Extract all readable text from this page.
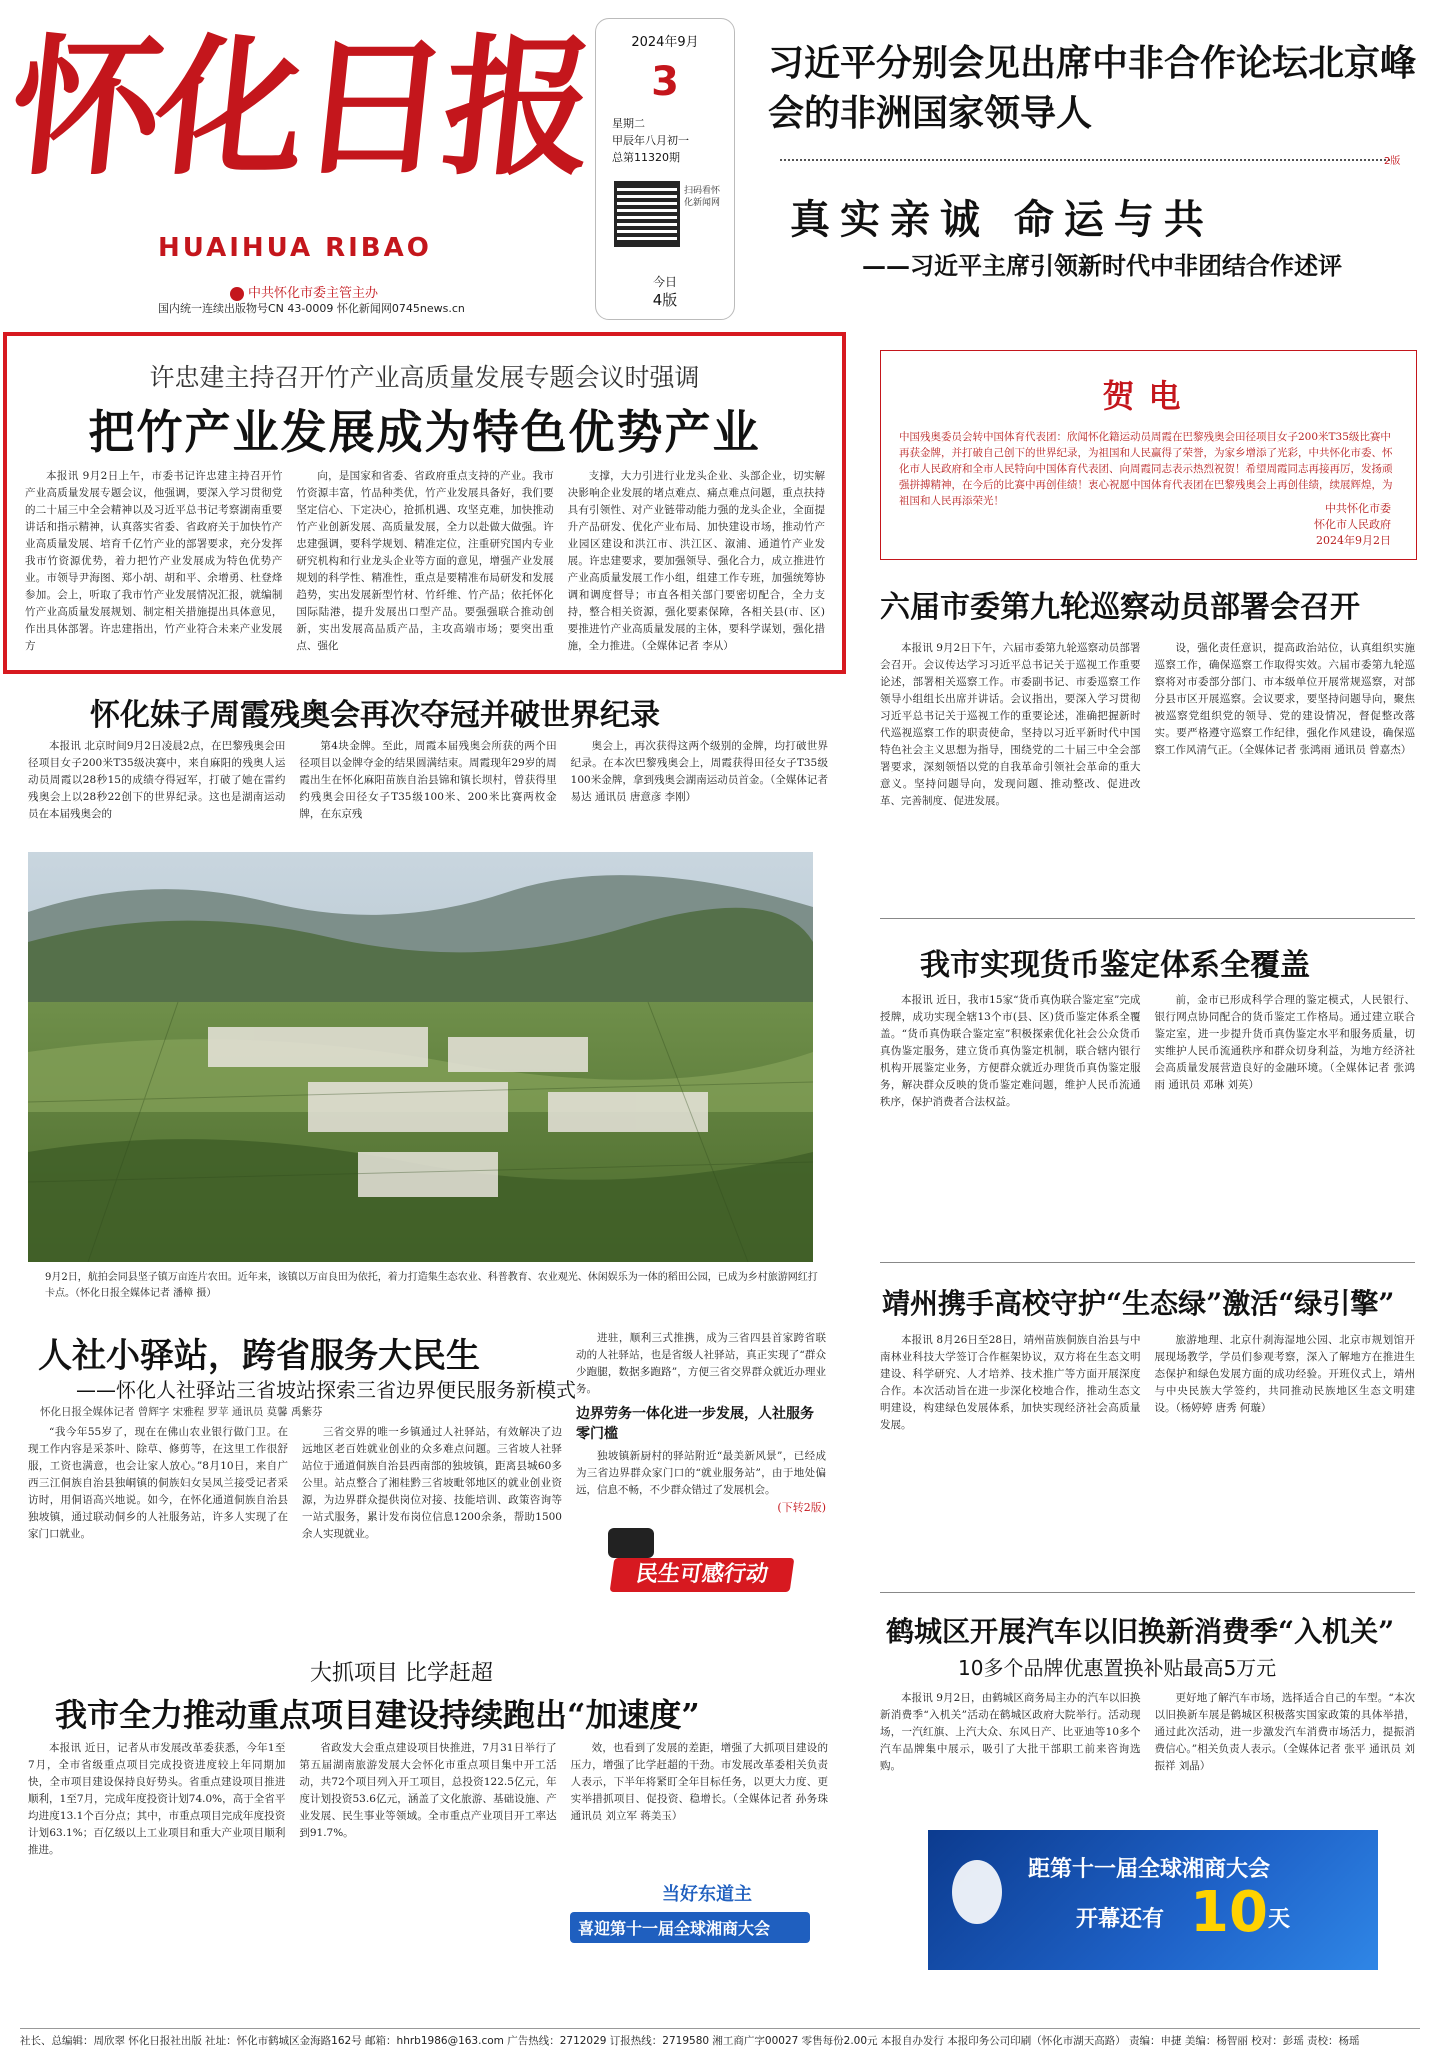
怀化日报
HUAIHUA RIBAO
中共怀化市委主管主办
国内统一连续出版物号CN 43-0009 怀化新闻网0745news.cn
2024年9月
3
星期二
甲辰年八月初一
总第11320期
扫码看怀化新闻网
今日
4版
习近平分别会见出席中非合作论坛北京峰会的非洲国家领导人
2版
真实亲诚 命运与共
——习近平主席引领新时代中非团结合作述评
许忠建主持召开竹产业高质量发展专题会议时强调
把竹产业发展成为特色优势产业

本报讯 9月2日上午，市委书记许忠建主持召开竹产业高质量发展专题会议，他强调，要深入学习贯彻党的二十届三中全会精神以及习近平总书记考察湖南重要讲话和指示精神，认真落实省委、省政府关于加快竹产业高质量发展、培育千亿竹产业的部署要求，充分发挥我市竹资源优势，着力把竹产业发展成为特色优势产业。市领导尹海图、郑小胡、胡和平、余增勇、杜登烽参加。会上，听取了我市竹产业发展情况汇报，就编制竹产业高质量发展规划、制定相关措施提出具体意见，作出具体部署。许忠建指出，竹产业符合未来产业发展方

向，是国家和省委、省政府重点支持的产业。我市竹资源丰富，竹品种类优，竹产业发展具备好，我们要坚定信心、下定决心，抢抓机遇、攻坚克难，加快推动竹产业创新发展、高质量发展，全力以赴做大做强。许忠建强调，要科学规划、精准定位，注重研究国内专业研究机构和行业龙头企业等方面的意见，增强产业发展规划的科学性、精准性，重点是要精准布局研发和发展趋势，实出发展新型竹材、竹纤维、竹产品；依托怀化国际陆港，提升发展出口型产品。要强强联合推动创新，实出发展高品质产品，主攻高端市场；要突出重点、强化

支撑，大力引进行业龙头企业、头部企业，切实解决影响企业发展的堵点难点、痛点难点问题，重点扶持具有引领性、对产业链带动能力强的龙头企业，全面提升产品研发、优化产业布局、加快建设市场，推动竹产业园区建设和洪江市、洪江区、溆浦、通道竹产业发展。许忠建要求，要加强领导、强化合力，成立推进竹产业高质量发展工作小组，组建工作专班，加强统筹协调和调度督导；市直各相关部门要密切配合，全力支持，整合相关资源，强化要素保障，各相关县(市、区)要推进竹产业高质量发展的主体，要科学谋划，强化措施，全力推进。（全媒体记者 李从）

贺电
中国残奥委员会转中国体育代表团：欣闻怀化籍运动员周霞在巴黎残奥会田径项目女子200米T35级比赛中再获金牌，并打破自己创下的世界纪录，为祖国和人民赢得了荣誉，为家乡增添了光彩，中共怀化市委、怀化市人民政府和全市人民特向中国体育代表团、向周霞同志表示热烈祝贺！希望周霞同志再接再厉，发扬顽强拼搏精神，在今后的比赛中再创佳绩！衷心祝愿中国体育代表团在巴黎残奥会上再创佳绩，续展辉煌，为祖国和人民再添荣光！
中共怀化市委
怀化市人民政府
2024年9月2日
六届市委第九轮巡察动员部署会召开

本报讯 9月2日下午，六届市委第九轮巡察动员部署会召开。会议传达学习习近平总书记关于巡视工作重要论述，部署相关巡察工作。市委副书记、市委巡察工作领导小组组长出席并讲话。会议指出，要深入学习贯彻习近平总书记关于巡视工作的重要论述，准确把握新时代巡视巡察工作的职责使命，坚持以习近平新时代中国特色社会主义思想为指导，围绕党的二十届三中全会部署要求，深刻领悟以党的自我革命引领社会革命的重大意义。坚持问题导向，发现问题、推动整改、促进改革、完善制度、促进发展。

设，强化责任意识，提高政治站位，认真组织实施巡察工作，确保巡察工作取得实效。六届市委第九轮巡察将对市委部分部门、市本级单位开展常规巡察，对部分县市区开展巡察。会议要求，要坚持问题导向，聚焦被巡察党组织党的领导、党的建设情况，督促整改落实。要严格遵守巡察工作纪律，强化作风建设，确保巡察工作风清气正。（全媒体记者 张鸿雨 通讯员 曾嘉杰）

我市实现货币鉴定体系全覆盖

本报讯 近日，我市15家“货币真伪联合鉴定室”完成授牌，成功实现全辖13个市(县、区)货币鉴定体系全覆盖。“货币真伪联合鉴定室”积极探索优化社会公众货币真伪鉴定服务，建立货币真伪鉴定机制，联合辖内银行机构开展鉴定业务，方便群众就近办理货币真伪鉴定服务，解决群众反映的货币鉴定难问题，维护人民币流通秩序，保护消费者合法权益。

前，金市已形成科学合理的鉴定模式，人民银行、银行网点协同配合的货币鉴定工作格局。通过建立联合鉴定室，进一步提升货币真伪鉴定水平和服务质量，切实维护人民币流通秩序和群众切身利益，为地方经济社会高质量发展营造良好的金融环境。（全媒体记者 张鸿雨 通讯员 邓琳 刘英）

靖州携手高校守护“生态绿”激活“绿引擎”

本报讯 8月26日至28日，靖州苗族侗族自治县与中南林业科技大学签订合作框架协议，双方将在生态文明建设、科学研究、人才培养、技术推广等方面开展深度合作。本次活动旨在进一步深化校地合作，推动生态文明建设，构建绿色发展体系，加快实现经济社会高质量发展。

旅游地理、北京什刹海湿地公园、北京市规划馆开展现场教学，学员们参观考察，深入了解地方在推进生态保护和绿色发展方面的成功经验。开班仪式上，靖州与中央民族大学签约，共同推动民族地区生态文明建设。（杨婷婷 唐秀 何璇）

鹤城区开展汽车以旧换新消费季“入机关”
10多个品牌优惠置换补贴最高5万元

本报讯 9月2日，由鹤城区商务局主办的汽车以旧换新消费季“入机关”活动在鹤城区政府大院举行。活动现场，一汽红旗、上汽大众、东风日产、比亚迪等10多个汽车品牌集中展示，吸引了大批干部职工前来咨询选购。

更好地了解汽车市场，选择适合自己的车型。“本次以旧换新车展是鹤城区积极落实国家政策的具体举措，通过此次活动，进一步激发汽车消费市场活力，提振消费信心。”相关负责人表示。（全媒体记者 张平 通讯员 刘振祥 刘晶）

距第十一届全球湘商大会
开幕还有 10 天
怀化妹子周霞残奥会再次夺冠并破世界纪录

本报讯 北京时间9月2日凌晨2点，在巴黎残奥会田径项目女子200米T35级决赛中，来自麻阳的残奥人运动员周霞以28秒15的成绩夺得冠军，打破了她在雷约残奥会上以28秒22创下的世界纪录。这也是湖南运动员在本届残奥会的

第4块金牌。至此，周霞本届残奥会所获的两个田径项目以金牌夺金的结果圆满结束。周霞现年29岁的周霞出生在怀化麻阳苗族自治县锦和镇长坝村，曾获得里约残奥会田径女子T35级100米、200米比赛两枚金牌，在东京残

奥会上，再次获得这两个级别的金牌，均打破世界纪录。在本次巴黎残奥会上，周霞获得田径女子T35级100米金牌，拿到残奥会湖南运动员首金。（全媒体记者 易达 通讯员 唐意彦 李刚）

9月2日，航拍会同县坚子镇万亩连片农田。近年来，该镇以万亩良田为依托，着力打造集生态农业、科普教育、农业观光、休闲娱乐为一体的稻田公园，已成为乡村旅游网红打卡点。（怀化日报全媒体记者 潘樟 摄）
人社小驿站，跨省服务大民生
——怀化人社驿站三省坡站探索三省边界便民服务新模式
怀化日报全媒体记者 曾辉字 宋雅程 罗苹 通讯员 莫馨 禹紫芬

“我今年55岁了，现在在佛山农业银行做门卫。在现工作内容是采茶叶、除草、修剪等，在这里工作很舒服，工资也满意，也会让家人放心。”8月10日，来自广西三江侗族自治县独峒镇的侗族妇女吴凤兰接受记者采访时，用侗语高兴地说。如今，在怀化通道侗族自治县独坡镇，通过联动侗乡的人社服务站，许多人实现了在家门口就业。

三省交界的唯一乡镇通过人社驿站，有效解决了边远地区老百姓就业创业的众多难点问题。三省坡人社驿站位于通道侗族自治县西南部的独坡镇，距离县城60多公里。站点整合了湘桂黔三省坡毗邻地区的就业创业资源，为边界群众提供岗位对接、技能培训、政策咨询等一站式服务，累计发布岗位信息1200余条，帮助1500余人实现就业。

进驻，顺利三式推携，成为三省四县首家跨省联动的人社驿站，也是省级人社驿站，真正实现了“群众少跑腿，数据多跑路”，方便三省交界群众就近办理业务。

边界劳务一体化进一步发展，人社服务零门槛

独坡镇新厨村的驿站附近“最美新风景”，已经成为三省边界群众家门口的“就业服务站”，由于地处偏远，信息不畅，不少群众错过了发展机会。

(下转2版)
民生可感行动
大抓项目 比学赶超
我市全力推动重点项目建设持续跑出“加速度”

本报讯 近日，记者从市发展改革委获悉，今年1至7月，全市省级重点项目完成投资进度较上年同期加快，全市项目建设保持良好势头。省重点建设项目推进顺利，1至7月，完成年度投资计划74.0%，高于全省平均进度13.1个百分点；其中，市重点项目完成年度投资计划63.1%；百亿级以上工业项目和重大产业项目顺利推进。

省政发大会重点建设项目快推进，7月31日举行了第五届湖南旅游发展大会怀化市重点项目集中开工活动，共72个项目列入开工项目，总投资122.5亿元，年度计划投资53.6亿元，涵盖了文化旅游、基础设施、产业发展、民生事业等领域。全市重点产业项目开工率达到91.7%。

效，也看到了发展的差距，增强了大抓项目建设的压力，增强了比学赶超的干劲。市发展改革委相关负责人表示，下半年将紧盯全年目标任务，以更大力度、更实举措抓项目、促投资、稳增长。（全媒体记者 孙务珠 通讯员 刘立军 蒋美玉）

当好东道主
喜迎第十一届全球湘商大会
社长、总编辑：周欣翠 怀化日报社出版 社址：怀化市鹤城区金海路162号 邮箱：hhrb1986@163.com 广告热线：2712029 订报热线：2719580 湘工商广字00027 零售每份2.00元 本报自办发行 本报印务公司印刷（怀化市湖天高路） 责编：申捷 美编：杨智丽 校对：彭瑶 责校：杨瑶
